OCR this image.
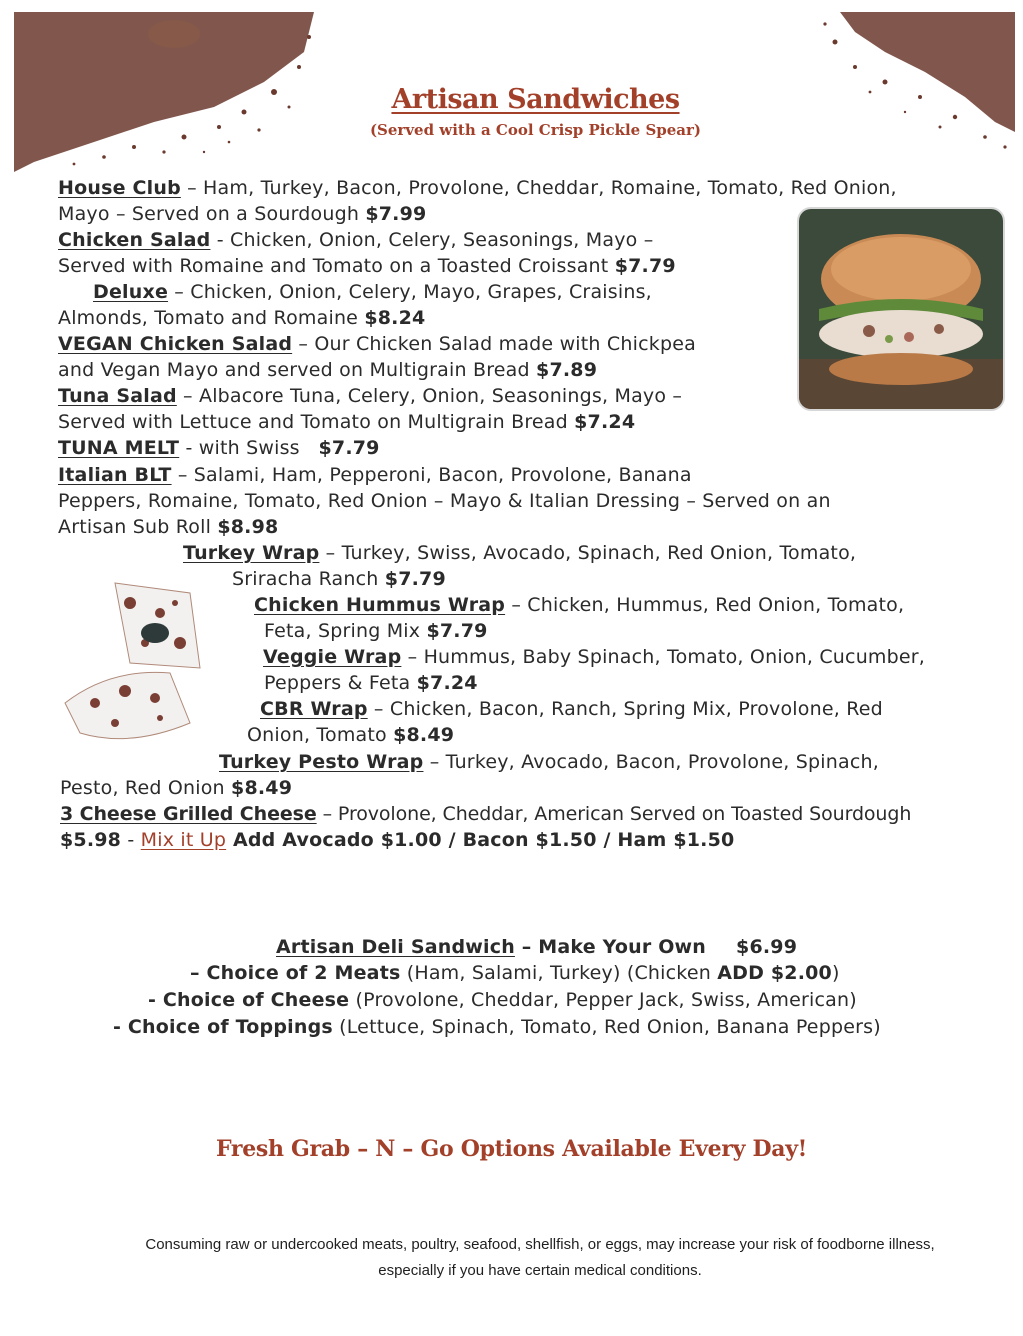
Artisan Sandwiches
(Served with a Cool Crisp Pickle Spear)
House Club – Ham, Turkey, Bacon, Provolone, Cheddar, Romaine, Tomato, Red Onion,
Mayo – Served on a Sourdough $7.99
Chicken Salad - Chicken, Onion, Celery, Seasonings, Mayo –
Served with Romaine and Tomato on a Toasted Croissant $7.79
Deluxe – Chicken, Onion, Celery, Mayo, Grapes, Craisins,
Almonds, Tomato and Romaine $8.24
VEGAN Chicken Salad – Our Chicken Salad made with Chickpea
and Vegan Mayo and served on Multigrain Bread $7.89
Tuna Salad – Albacore Tuna, Celery, Onion, Seasonings, Mayo –
Served with Lettuce and Tomato on Multigrain Bread $7.24
TUNA MELT - with Swiss   $7.79
Italian BLT – Salami, Ham, Pepperoni, Bacon, Provolone, Banana
Peppers, Romaine, Tomato, Red Onion – Mayo & Italian Dressing – Served on an
Artisan Sub Roll $8.98
Turkey Wrap – Turkey, Swiss, Avocado, Spinach, Red Onion, Tomato,
Sriracha Ranch $7.79
Chicken Hummus Wrap – Chicken, Hummus, Red Onion, Tomato,
Feta, Spring Mix $7.79
Veggie Wrap – Hummus, Baby Spinach, Tomato, Onion, Cucumber,
Peppers & Feta $7.24
CBR Wrap – Chicken, Bacon, Ranch, Spring Mix, Provolone, Red
Onion, Tomato $8.49
Turkey Pesto Wrap – Turkey, Avocado, Bacon, Provolone, Spinach,
Pesto, Red Onion $8.49
3 Cheese Grilled Cheese – Provolone, Cheddar, American Served on Toasted Sourdough
$5.98 - Mix it Up Add Avocado $1.00 / Bacon $1.50 / Ham $1.50
Artisan Deli Sandwich – Make Your Own $6.99
– Choice of 2 Meats (Ham, Salami, Turkey) (Chicken ADD $2.00)
- Choice of Cheese (Provolone, Cheddar, Pepper Jack, Swiss, American)
- Choice of Toppings (Lettuce, Spinach, Tomato, Red Onion, Banana Peppers)
Fresh Grab – N – Go Options Available Every Day!
Consuming raw or undercooked meats, poultry, seafood, shellfish, or eggs, may increase your risk of foodborne illness,
especially if you have certain medical conditions.
